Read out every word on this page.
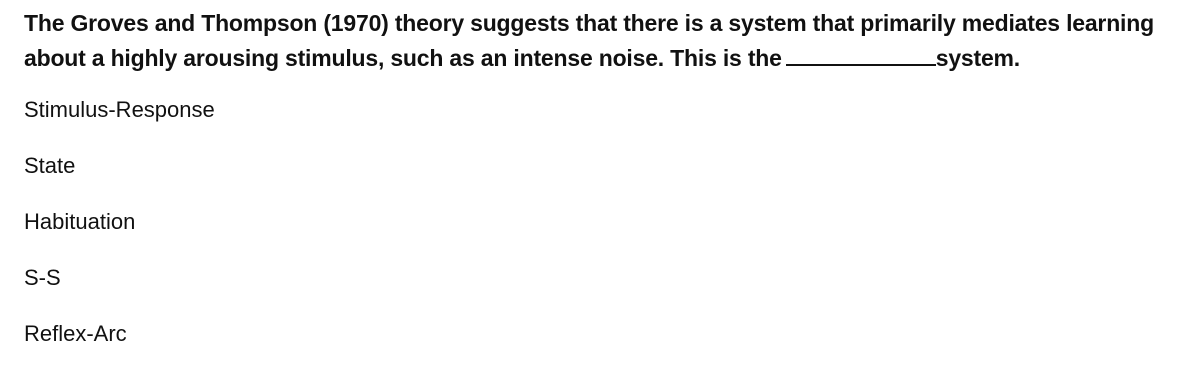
The Groves and Thompson (1970) theory suggests that there is a system that primarily mediates learning about a highly arousing stimulus, such as an intense noise. This is the	system.

Stimulus-Response
State
Habituation
S-S
Reflex-Arc
